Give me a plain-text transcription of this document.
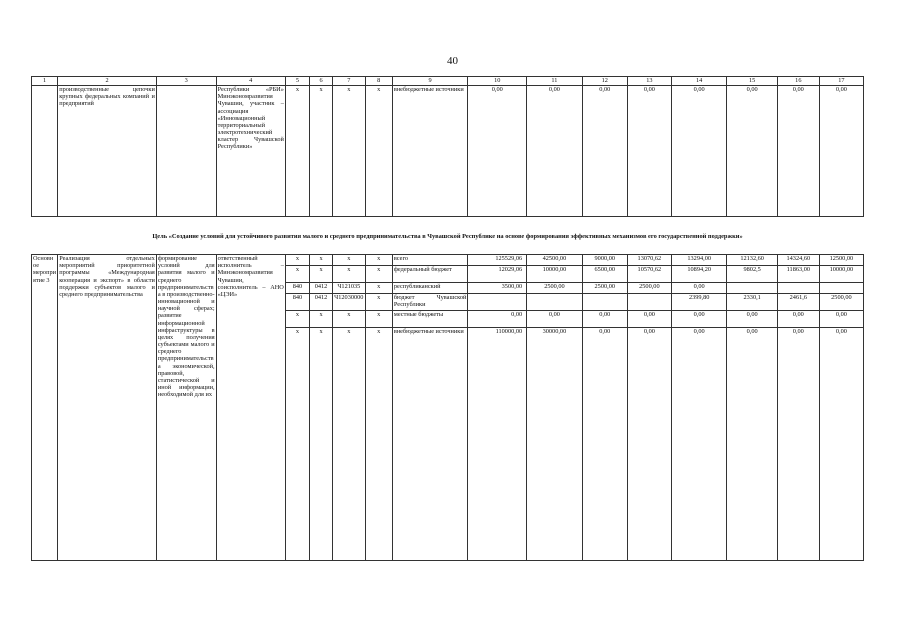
40
1	2	3	4	5	6	7	8	9	10	11	12	13	14	15	16	17
	производственные цепочки крупных федеральных компаний и предприятий		Республики «РБИ» Минэкономразвития Чувашии, участник – ассоциация «Инновационный территориальный электротехнический кластер Чувашской Республики»	x	x	x	x	внебюджетные источники	0,00	0,00	0,00	0,00	0,00	0,00	0,00	0,00
Цель «Создание условий для устойчивого развития малого и среднего предпринимательства в Чувашской Республике на основе формирования эффективных механизмов его государственной поддержки»
Основное мероприятие 3	Реализация отдельных мероприятий приоритетной программы «Международная кооперация и экспорт» в области поддержки субъектов малого и среднего предпринимательства	формирование условий для развития малого и среднего предпринимательства в производственно-инновационной и научной сферах; развитие информационной инфраструктуры в целях получения субъектами малого и среднего предпринимательства экономической, правовой, статистической и иной информации, необходимой для их	ответственный исполнитель – Минэкономразвития Чувашии, соисполнитель – АНО «ЦЭИ»	x	x	x	x	всего	125529,06	42500,00	9000,00	13070,62	13294,00	12132,60	14324,60	12500,00
				x	x	x	x	федеральный бюджет	12029,06	10000,00	6500,00	10570,62	10894,20	9802,5	11863,00	10000,00
				840	0412	Ч121035	x	республиканский	3500,00	2500,00	2500,00	2500,00	0,00			
				840	0412	Ч12030000	x	бюджет Чувашской Республики					2399,80	2330,1	2461,6	2500,00
				x	x	x	x	местные бюджеты	0,00	0,00	0,00	0,00	0,00	0,00	0,00	0,00
				x	x	x	x	внебюджетные источники	110000,00	30000,00	0,00	0,00	0,00	0,00	0,00	0,00
